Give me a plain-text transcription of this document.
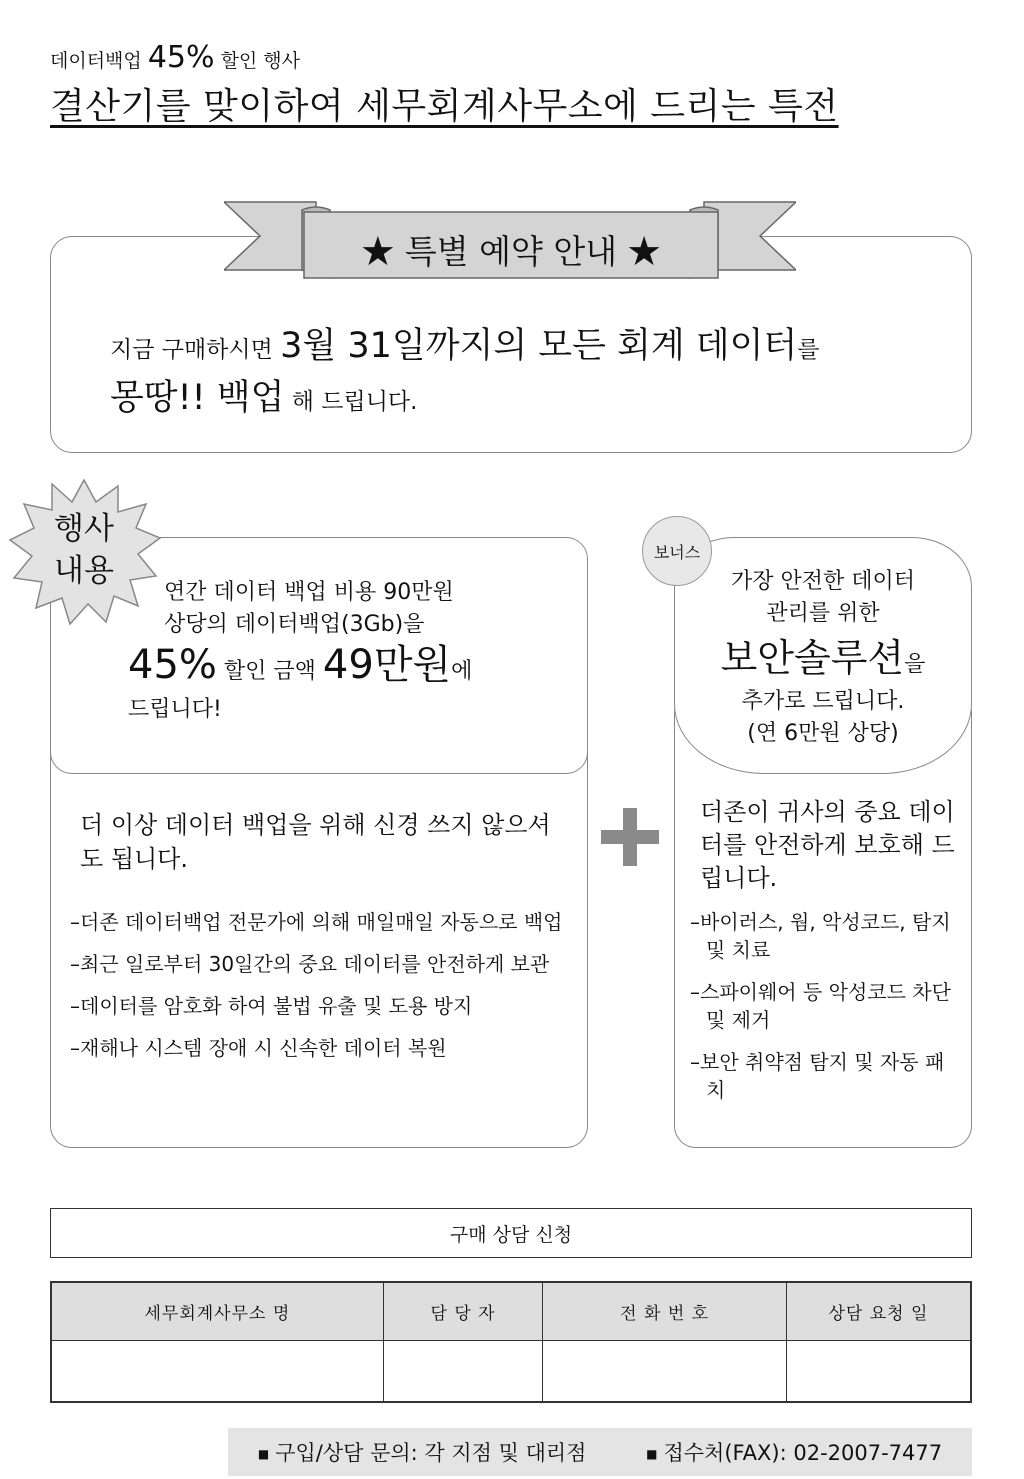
데이터백업 45% 할인 행사
결산기를 맞이하여 세무회계사무소에 드리는 특전
★ 특별 예약 안내 ★
지금 구매하시면 3월 31일까지의 모든 회계 데이터를
몽땅!! 백업 해 드립니다.
행사 내용
연간 데이터 백업 비용 90만원
상당의 데이터백업(3Gb)을
45% 할인 금액 49만원에
드립니다!
더 이상 데이터 백업을 위해 신경 쓰지 않으셔도 됩니다.
–더존 데이터백업 전문가에 의해 매일매일 자동으로 백업
–최근 일로부터 30일간의 중요 데이터를 안전하게 보관
–데이터를 암호화 하여 불법 유출 및 도용 방지
–재해나 시스템 장애 시 신속한 데이터 복원
보너스
가장 안전한 데이터
관리를 위한
보안솔루션을
추가로 드립니다.
(연 6만원 상당)
더존이 귀사의 중요 데이터를 안전하게 보호해 드립니다.
–바이러스, 웜, 악성코드, 탐지 및 치료
–스파이웨어 등 악성코드 차단 및 제거
–보안 취약점 탐지 및 자동 패치
구매 상담 신청
세무회계사무소 명	담 당 자	전 화 번 호	상담 요청 일

■ 구입/상담 문의: 각 지점 및 대리점	■ 접수처(FAX): 02-2007-7477
